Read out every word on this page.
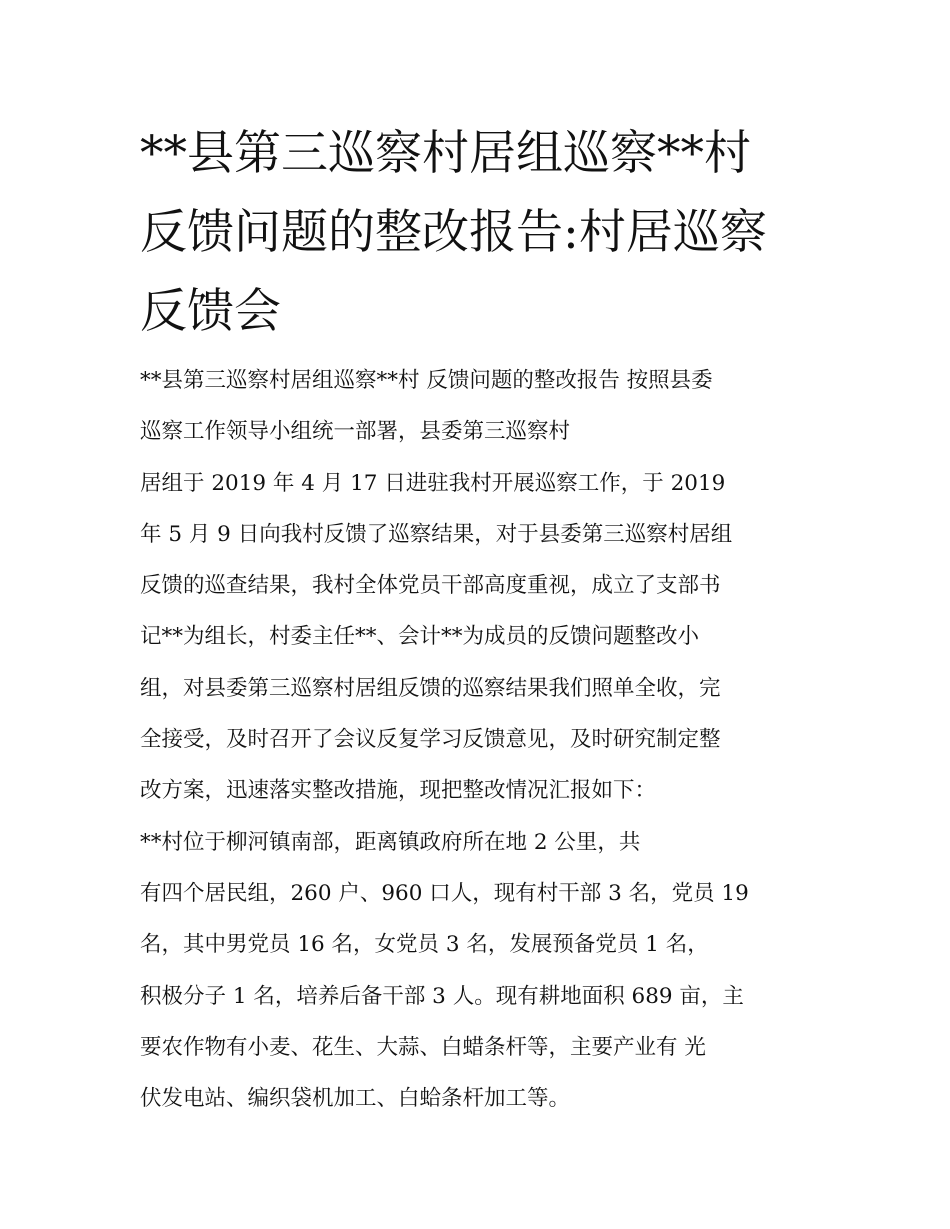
**县第三巡察村居组巡察**村
反馈问题的整改报告:村居巡察
反馈会
**县第三巡察村居组巡察**村 反馈问题的整改报告 按照县委
巡察工作领导小组统一部署，县委第三巡察村
居组于 2019 年 4 月 17 日进驻我村开展巡察工作，于 2019
年 5 月 9 日向我村反馈了巡察结果，对于县委第三巡察村居组
反馈的巡查结果，我村全体党员干部高度重视，成立了支部书
记**为组长，村委主任**、会计**为成员的反馈问题整改小
组，对县委第三巡察村居组反馈的巡察结果我们照单全收，完
全接受，及时召开了会议反复学习反馈意见，及时研究制定整
改方案，迅速落实整改措施，现把整改情况汇报如下：
**村位于柳河镇南部，距离镇政府所在地 2 公里，共
有四个居民组，260 户、960 口人，现有村干部 3 名，党员 19
名，其中男党员 16 名，女党员 3 名，发展预备党员 1 名，
积极分子 1 名，培养后备干部 3 人。现有耕地面积 689 亩，主
要农作物有小麦、花生、大蒜、白蜡条杆等，主要产业有 光
伏发电站、编织袋机加工、白蛤条杆加工等。
